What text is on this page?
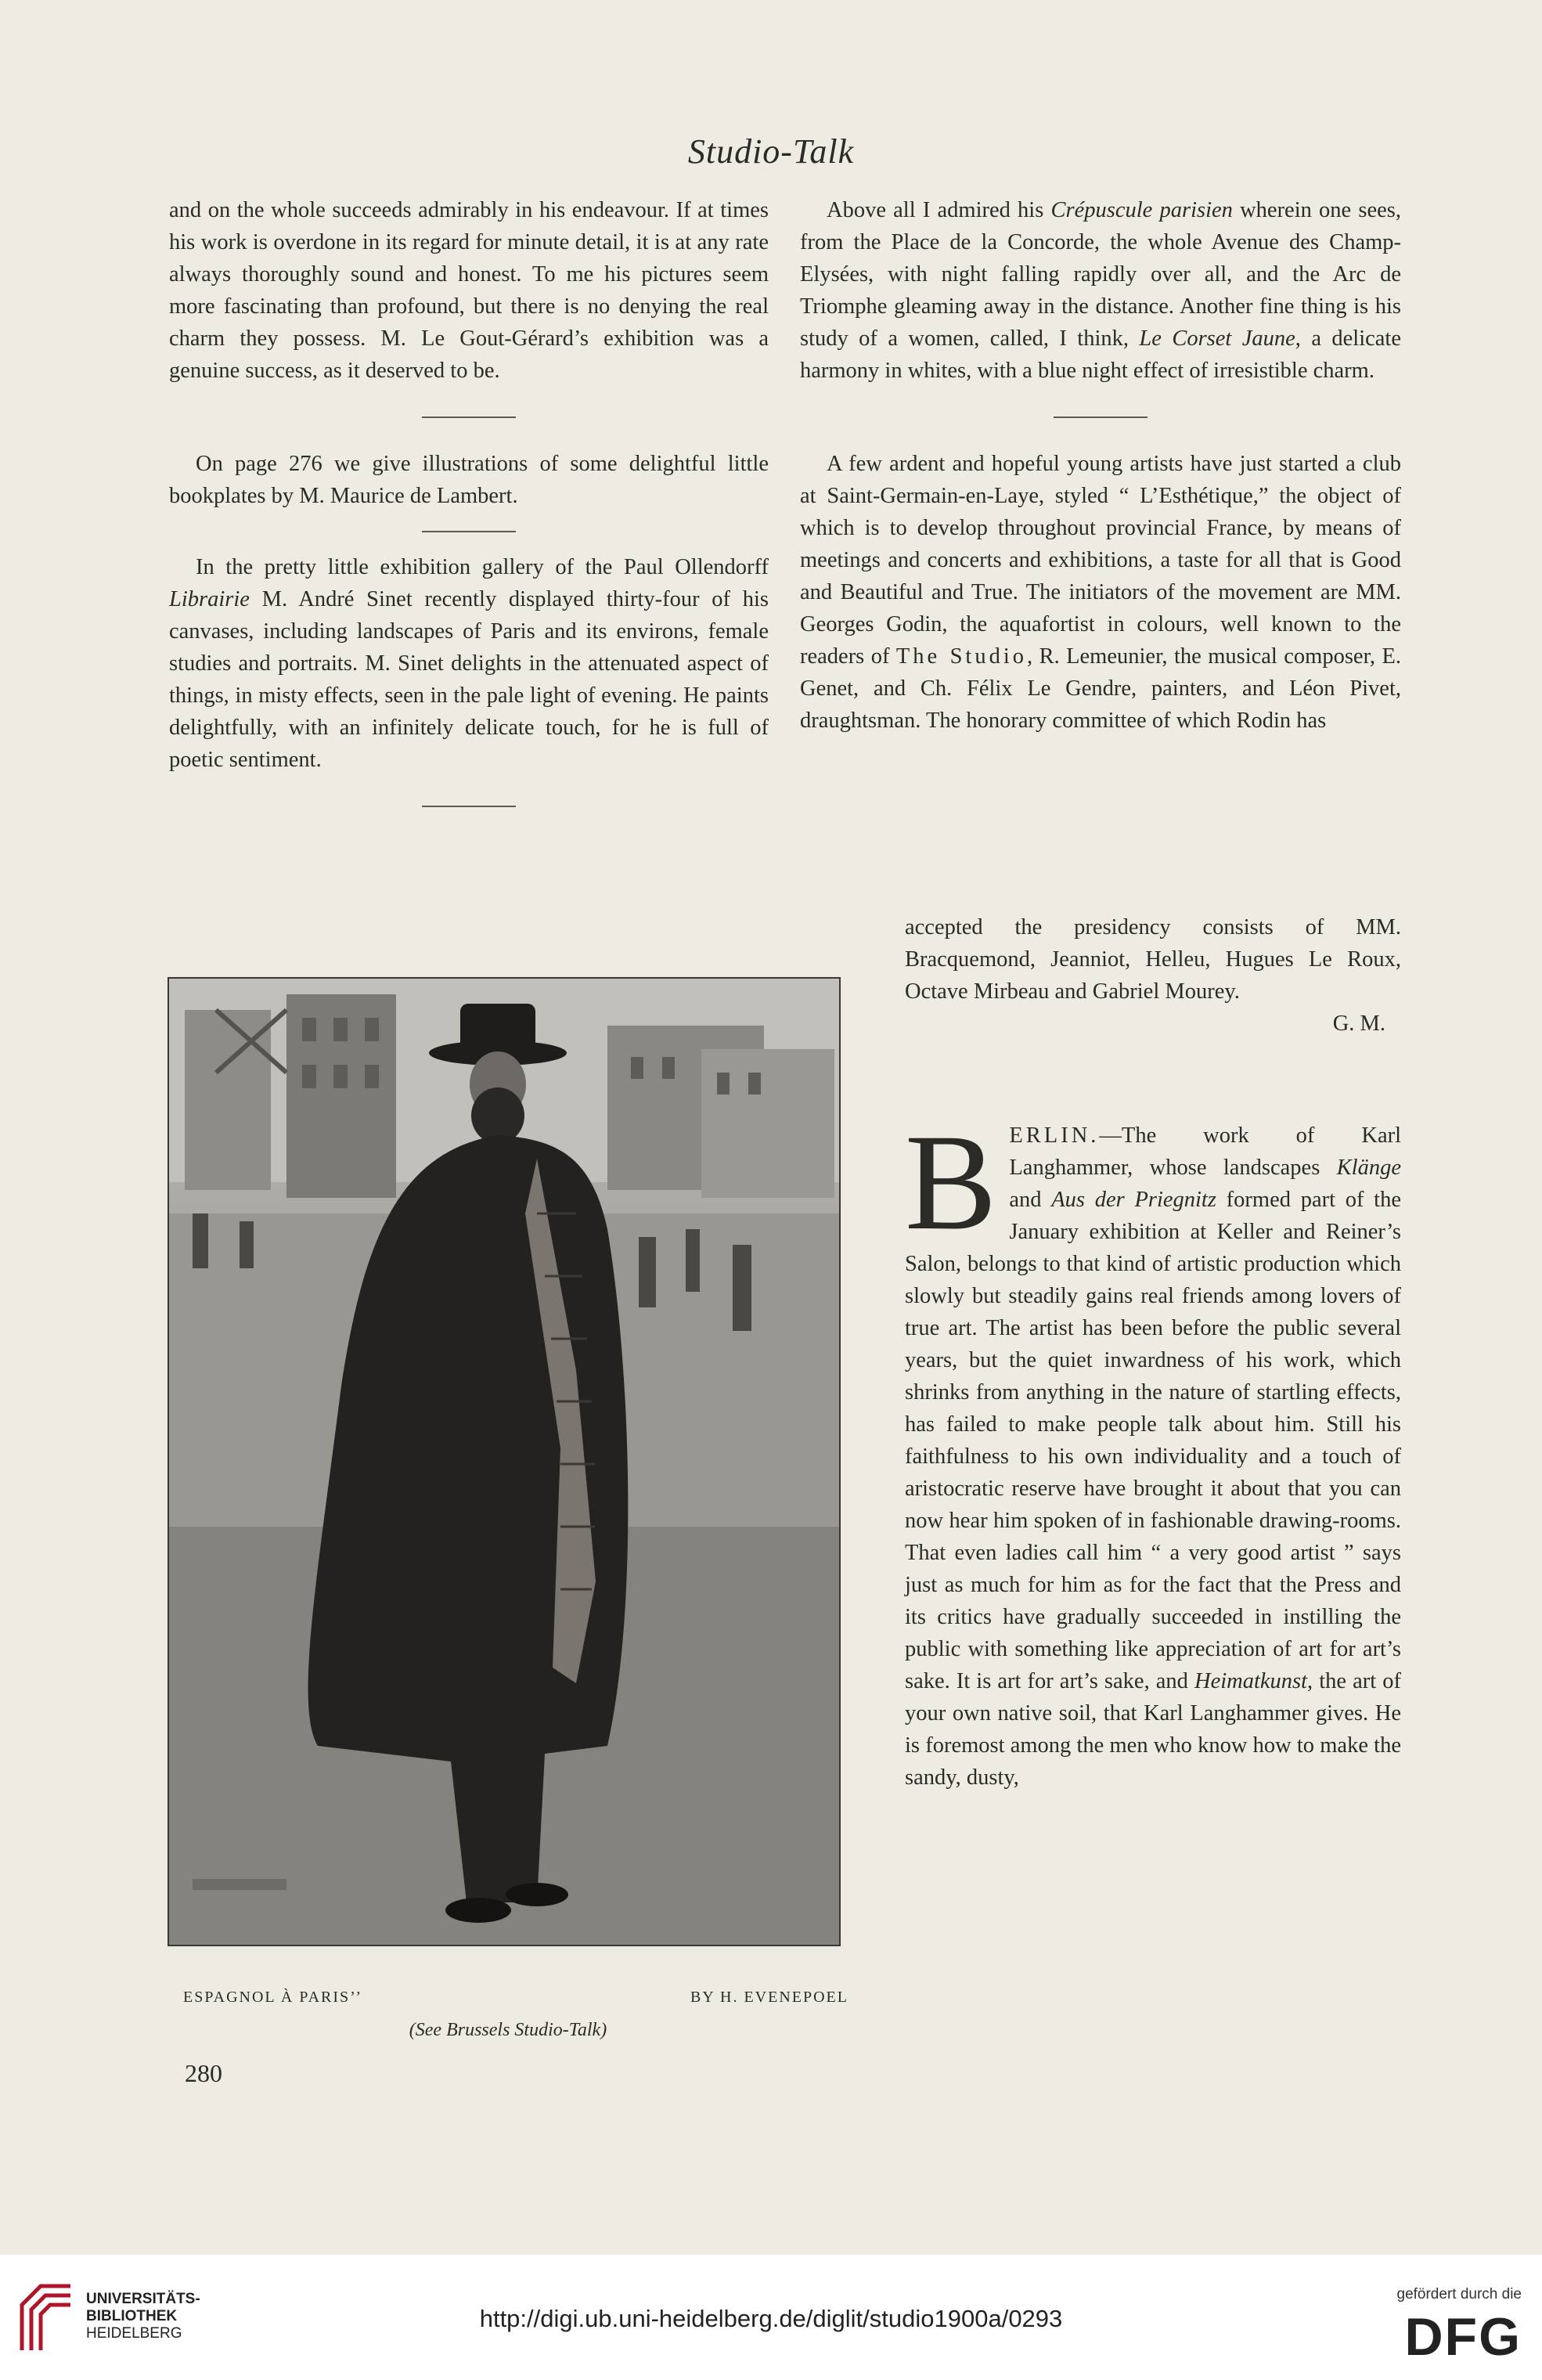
Studio-Talk

and on the whole succeeds admirably in his endeavour. If at times his work is overdone in its regard for minute detail, it is at any rate always thoroughly sound and honest. To me his pictures seem more fascinating than profound, but there is no denying the real charm they possess. M. Le Gout-Gérard’s exhibition was a genuine success, as it deserved to be.

On page 276 we give illustrations of some delightful little bookplates by M. Maurice de Lambert.

In the pretty little exhibition gallery of the Paul Ollendorff Librairie M. André Sinet recently displayed thirty-four of his canvases, including landscapes of Paris and its environs, female studies and portraits. M. Sinet delights in the attenuated aspect of things, in misty effects, seen in the pale light of evening. He paints delightfully, with an infinitely delicate touch, for he is full of poetic sentiment.

Above all I admired his Crépuscule parisien wherein one sees, from the Place de la Concorde, the whole Avenue des Champ-Elysées, with night falling rapidly over all, and the Arc de Triomphe gleaming away in the distance. Another fine thing is his study of a women, called, I think, Le Corset Jaune, a delicate harmony in whites, with a blue night effect of irresistible charm.

A few ardent and hopeful young artists have just started a club at Saint-Germain-en-Laye, styled “ L’Esthétique,” the object of which is to develop throughout provincial France, by means of meetings and concerts and exhibitions, a taste for all that is Good and Beautiful and True. The initiators of the movement are MM. Georges Godin, the aquafortist in colours, well known to the readers of The Studio, R. Lemeunier, the musical composer, E. Genet, and Ch. Félix Le Gendre, painters, and Léon Pivet, draughtsman. The honorary committee of which Rodin has

accepted the presidency consists of MM. Bracquemond, Jeanniot, Helleu, Hugues Le Roux, Octave Mirbeau and Gabriel Mourey.

G. M.
BERLIN.—The work of Karl Langhammer, whose landscapes Klänge and Aus der Priegnitz formed part of the January exhibition at Keller and Reiner’s Salon, belongs to that kind of artistic production which slowly but steadily gains real friends among lovers of true art. The artist has been before the public several years, but the quiet inwardness of his work, which shrinks from anything in the nature of startling effects, has failed to make people talk about him. Still his faithfulness to his own individuality and a touch of aristocratic reserve have brought it about that you can now hear him spoken of in fashionable drawing-rooms. That even ladies call him “ a very good artist ” says just as much for him as for the fact that the Press and its critics have gradually succeeded in instilling the public with something like appreciation of art for art’s sake. It is art for art’s sake, and Heimatkunst, the art of your own native soil, that Karl Langhammer gives. He is foremost among the men who know how to make the sandy, dusty,
ESPAGNOL À PARIS’’	BY H. EVENEPOEL
(See Brussels Studio-Talk)
280
UNIVERSITÄTS-
BIBLIOTHEK
HEIDELBERG
http://digi.ub.uni-heidelberg.de/diglit/studio1900a/0293
gefördert durch die
DFG
